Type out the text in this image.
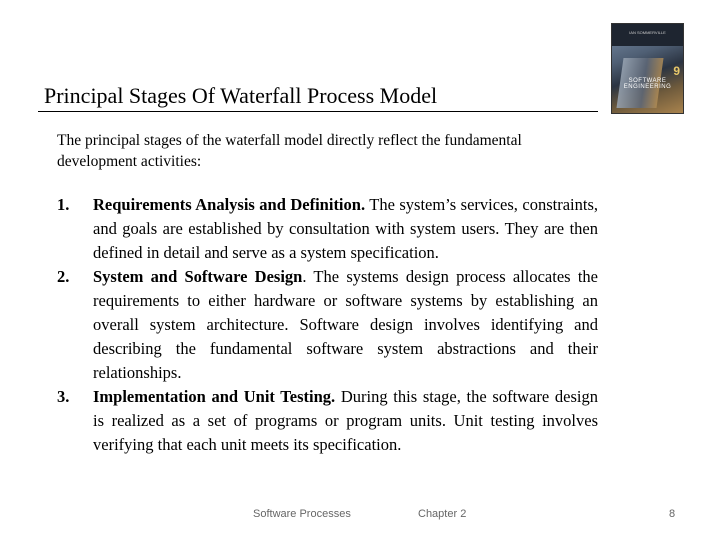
Principal Stages Of Waterfall Process Model
IAN SOMMERVILLE
9
SOFTWARE ENGINEERING
The principal stages of the waterfall model directly reflect the fundamental development activities:
1. Requirements Analysis and Definition. The system’s services, constraints, and goals are established by consultation with system users. They are then defined in detail and serve as a system specification.
2. System and Software Design. The systems design process allocates the requirements to either hardware or software systems by establishing an overall system architecture. Software design involves identifying and describing the fundamental software system abstractions and their relationships.
3. Implementation and Unit Testing. During this stage, the software design is realized as a set of programs or program units. Unit testing involves verifying that each unit meets its specification.
Software Processes	Chapter 2	8
